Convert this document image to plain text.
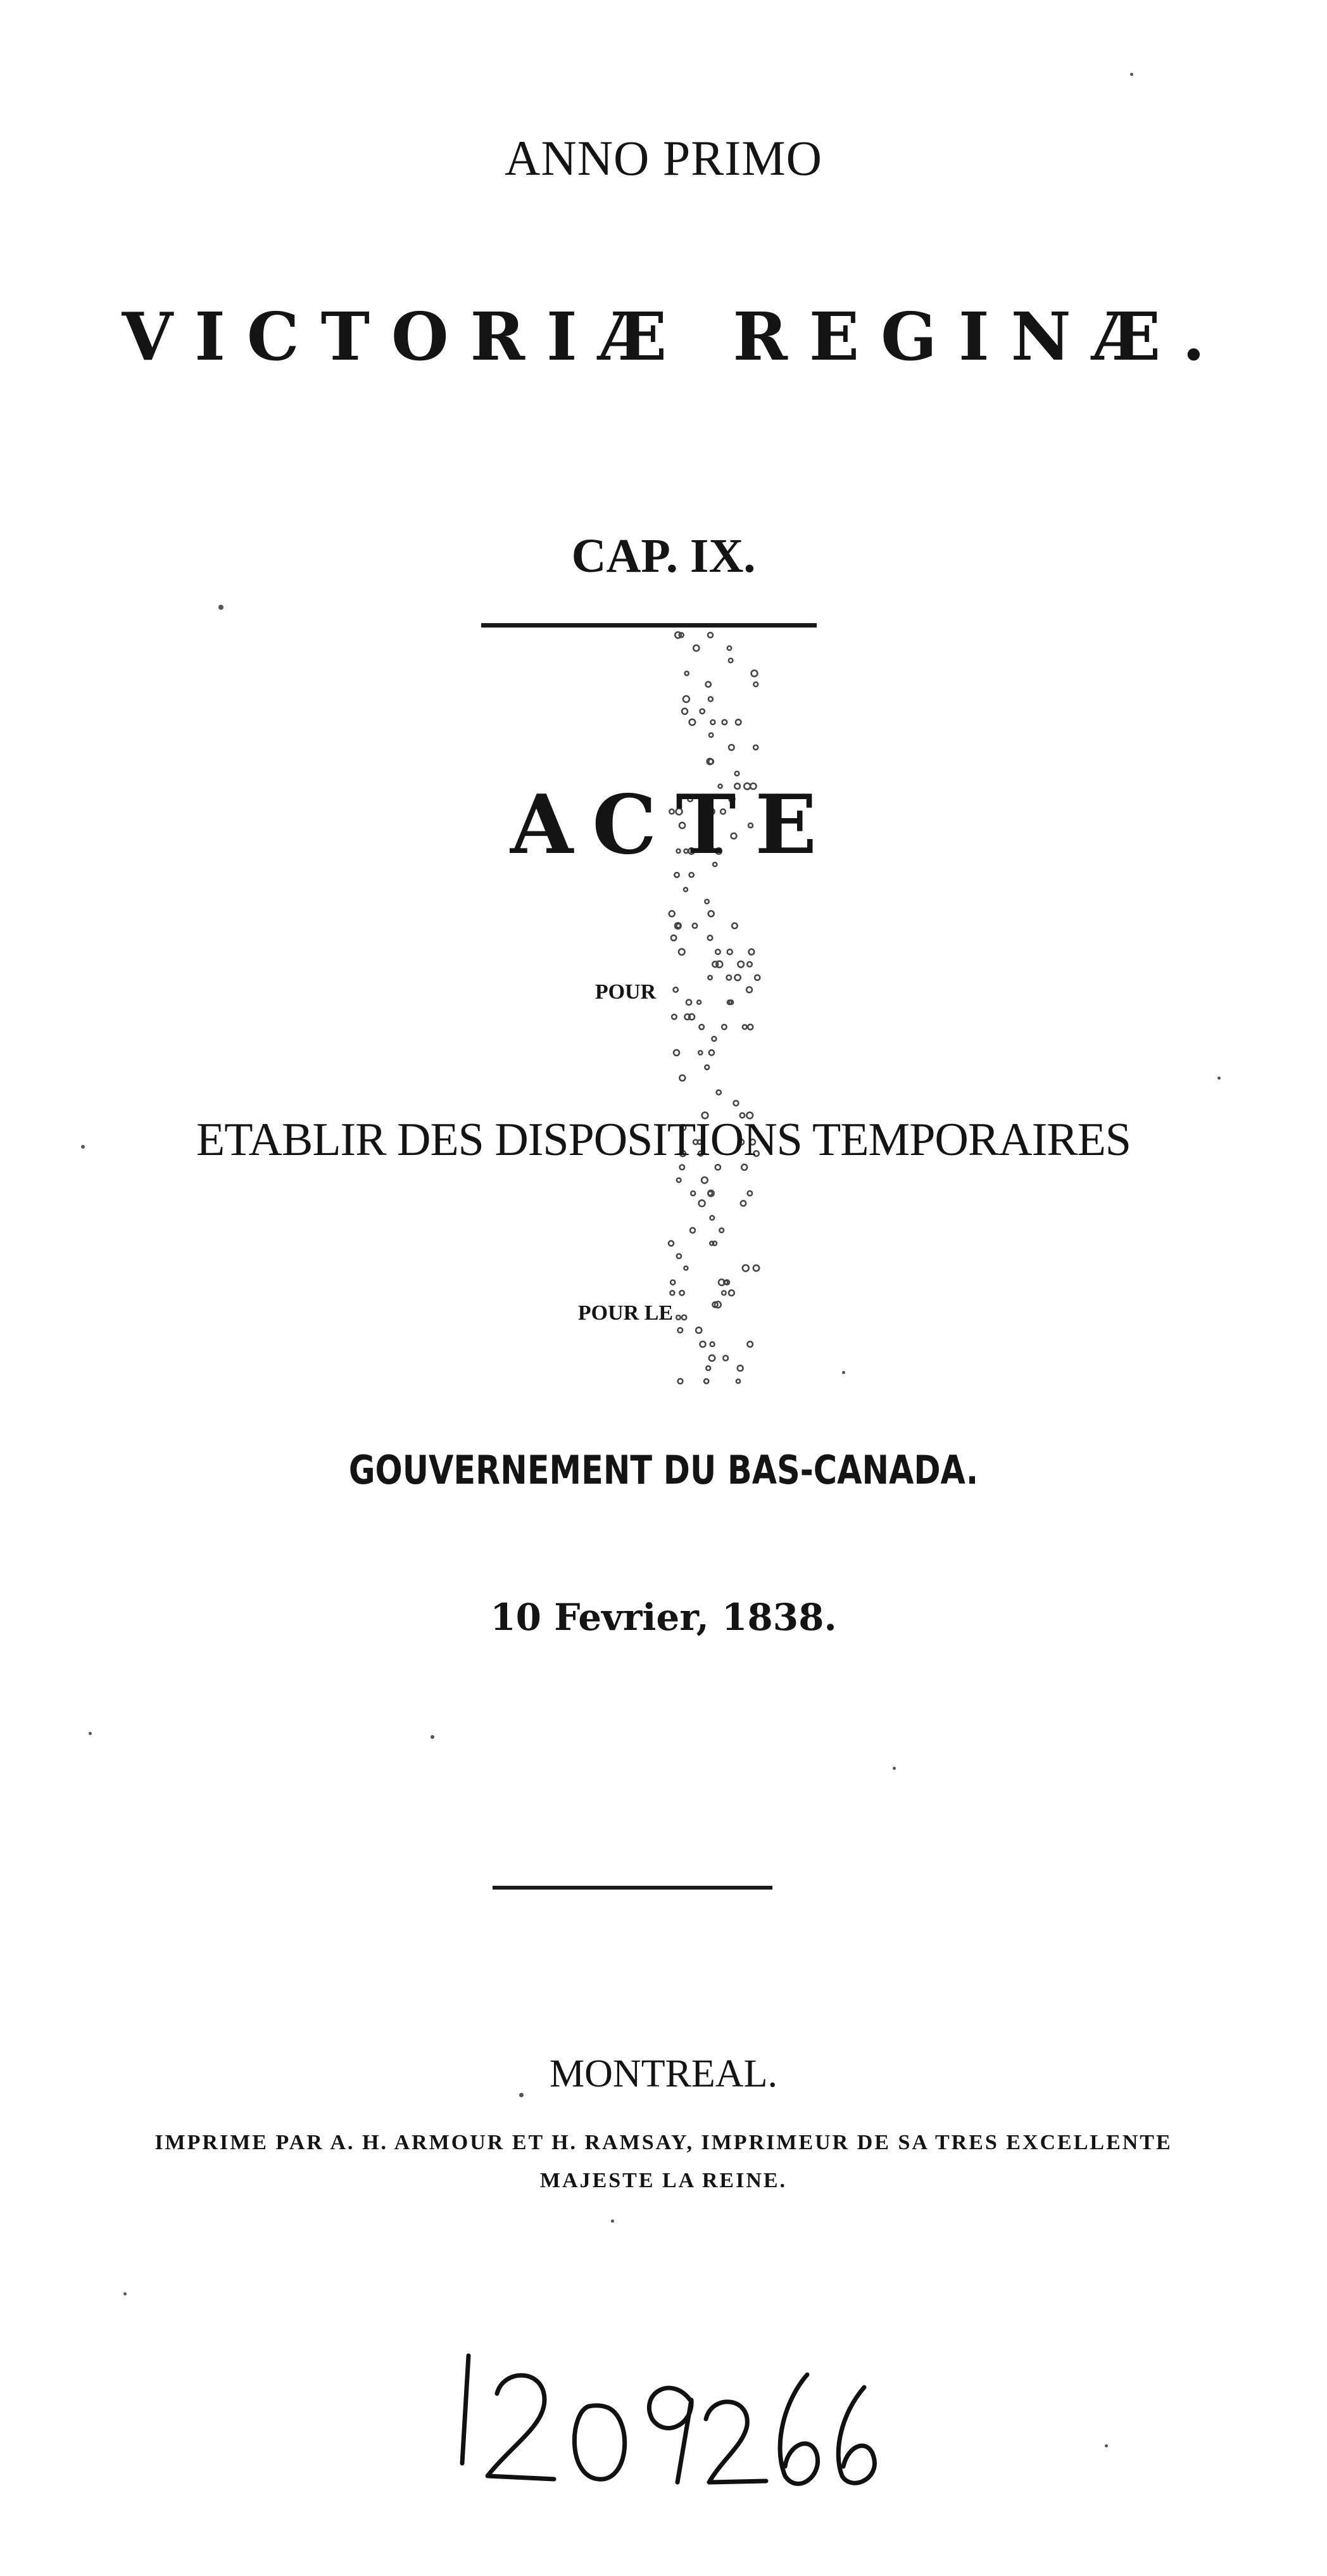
ANNO PRIMO
VICTORIÆ REGINÆ.
CAP. IX.
ACTE
POUR
ETABLIR DES DISPOSITIONS TEMPORAIRES
POUR LE
GOUVERNEMENT DU BAS-CANADA.
10 Fevrier, 1838.
MONTREAL.
IMPRIME PAR A. H. ARMOUR ET H. RAMSAY, IMPRIMEUR DE SA TRES EXCELLENTE
MAJESTE LA REINE.
